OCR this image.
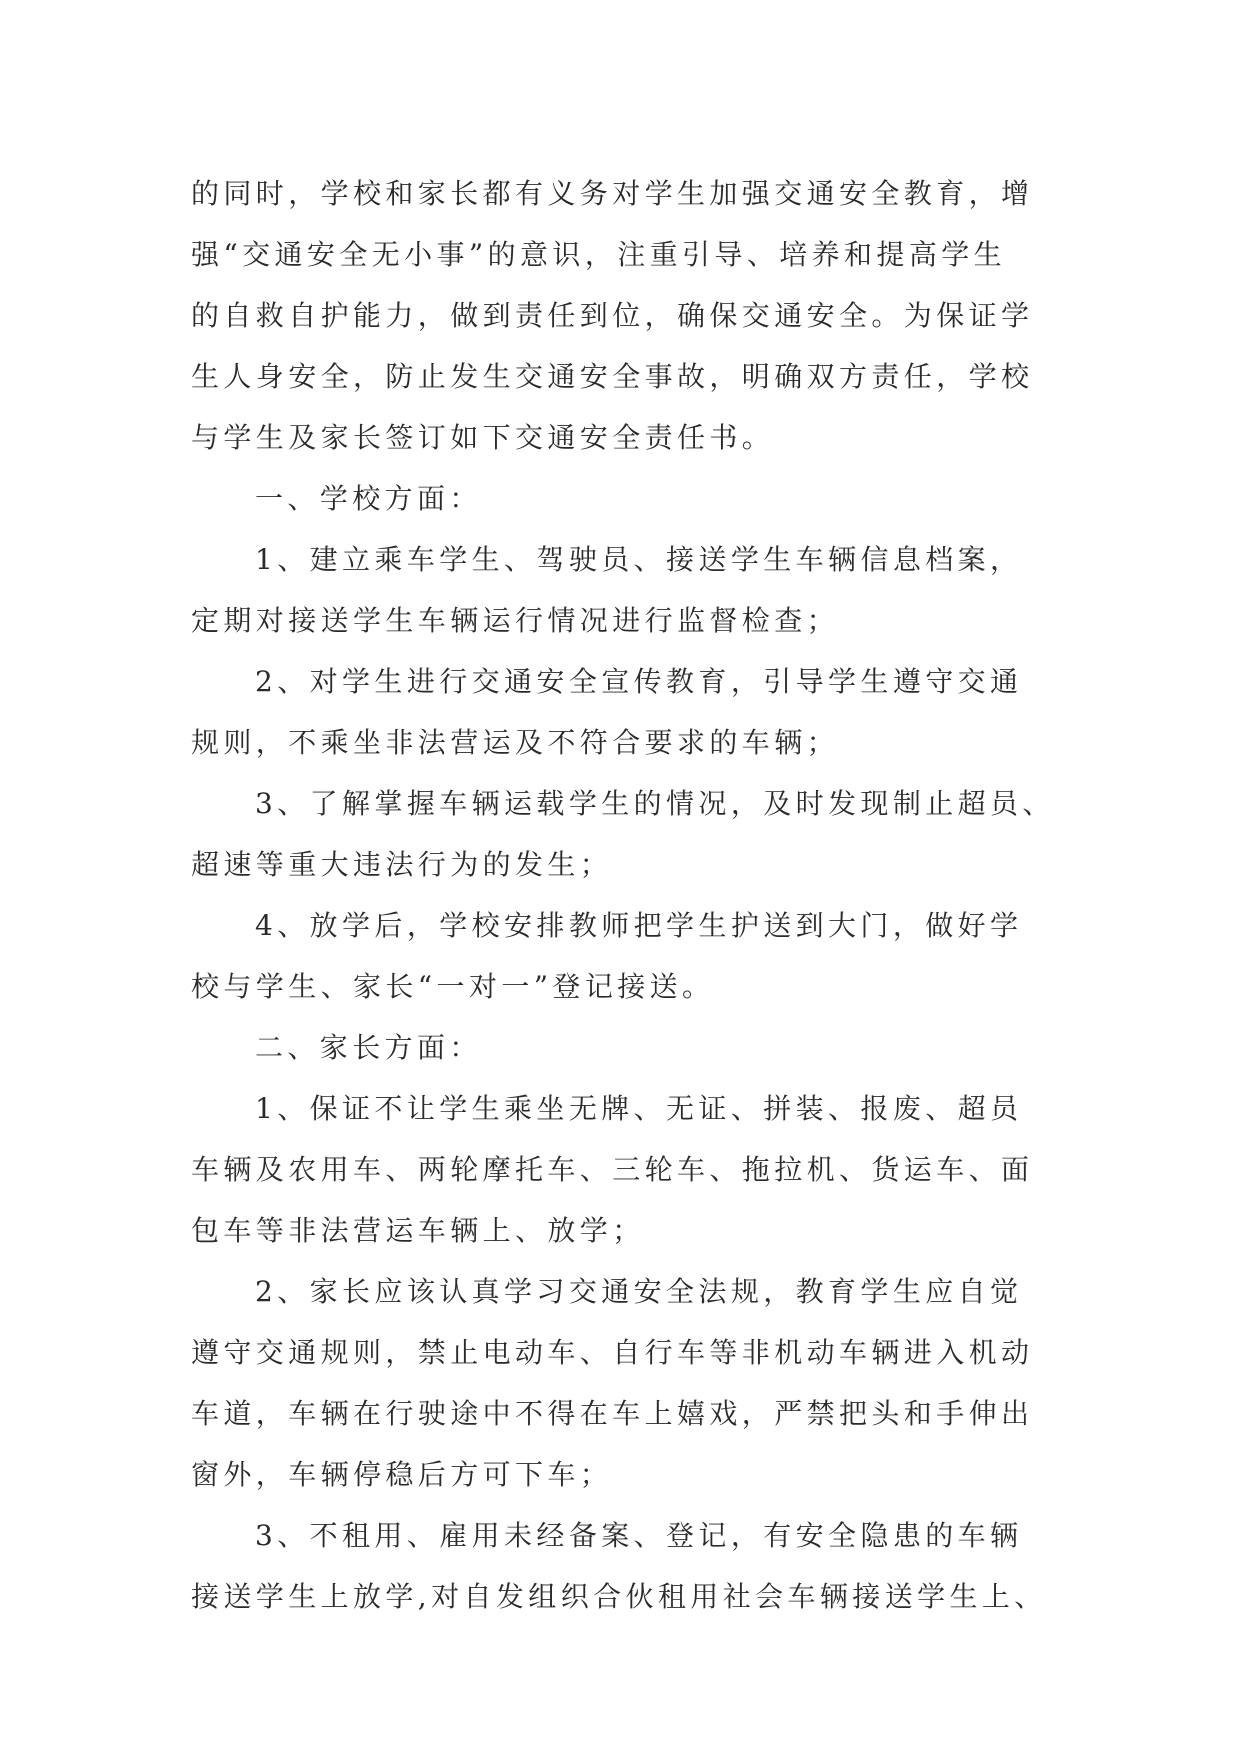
的同时，学校和家长都有义务对学生加强交通安全教育，增
强“交通安全无小事”的意识，注重引导、培养和提高学生
的自救自护能力，做到责任到位，确保交通安全。为保证学
生人身安全，防止发生交通安全事故，明确双方责任，学校
与学生及家长签订如下交通安全责任书。
一、学校方面：
1、建立乘车学生、驾驶员、接送学生车辆信息档案，
定期对接送学生车辆运行情况进行监督检查；
2、对学生进行交通安全宣传教育，引导学生遵守交通
规则，不乘坐非法营运及不符合要求的车辆；
3、了解掌握车辆运载学生的情况，及时发现制止超员、
超速等重大违法行为的发生；
4、放学后，学校安排教师把学生护送到大门，做好学
校与学生、家长“一对一”登记接送。
二、家长方面：
1、保证不让学生乘坐无牌、无证、拼装、报废、超员
车辆及农用车、两轮摩托车、三轮车、拖拉机、货运车、面
包车等非法营运车辆上、放学；
2、家长应该认真学习交通安全法规，教育学生应自觉
遵守交通规则，禁止电动车、自行车等非机动车辆进入机动
车道，车辆在行驶途中不得在车上嬉戏，严禁把头和手伸出
窗外，车辆停稳后方可下车；
3、不租用、雇用未经备案、登记，有安全隐患的车辆
接送学生上放学,对自发组织合伙租用社会车辆接送学生上、
